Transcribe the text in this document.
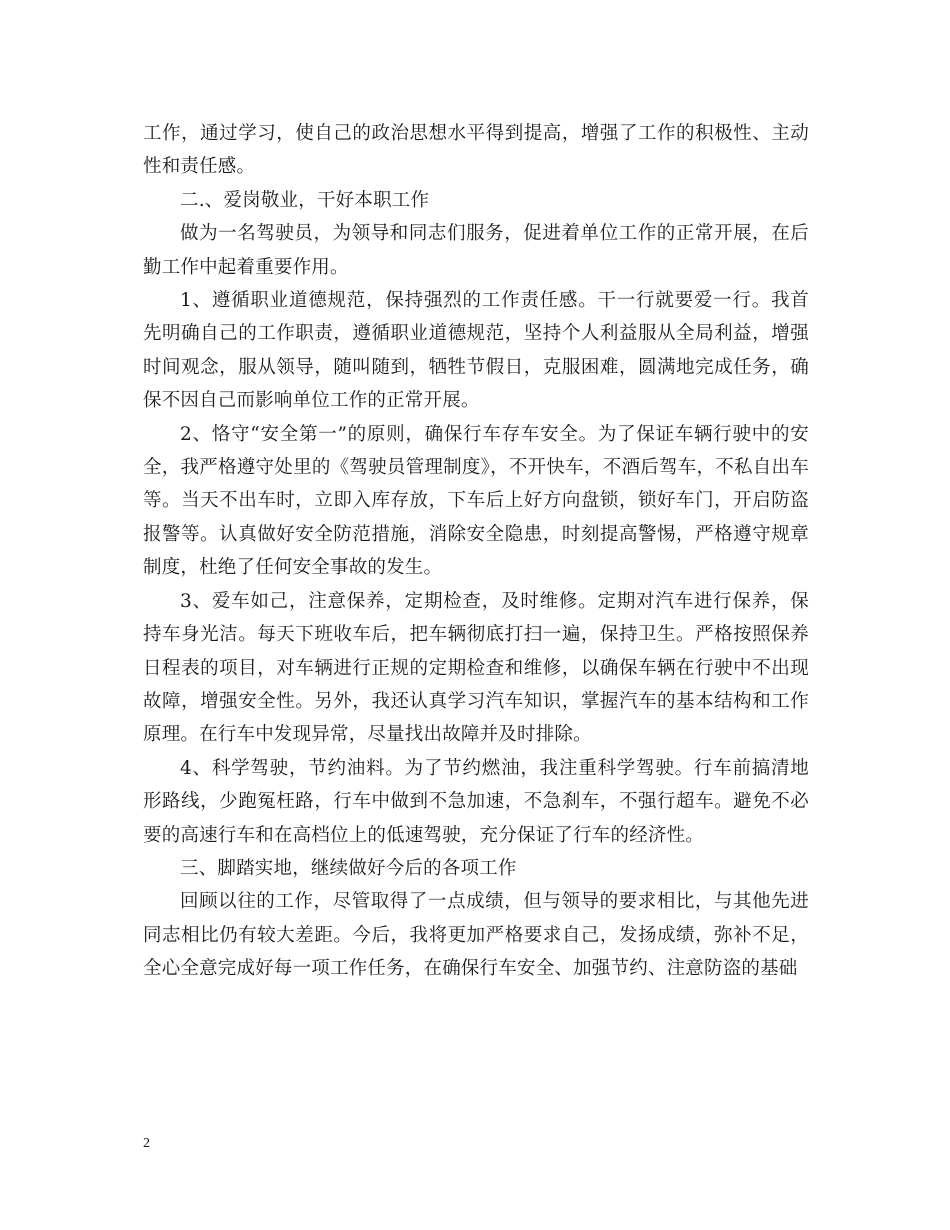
工作，通过学习，使自己的政治思想水平得到提高，增强了工作的积极性、主动性和责任感。

二.、爱岗敬业，干好本职工作

做为一名驾驶员，为领导和同志们服务，促进着单位工作的正常开展，在后勤工作中起着重要作用。

1、遵循职业道德规范，保持强烈的工作责任感。干一行就要爱一行。我首先明确自己的工作职责，遵循职业道德规范，坚持个人利益服从全局利益，增强时间观念，服从领导，随叫随到，牺牲节假日，克服困难，圆满地完成任务，确保不因自己而影响单位工作的正常开展。

2、恪守“安全第一”的原则，确保行车存车安全。为了保证车辆行驶中的安全，我严格遵守处里的《驾驶员管理制度》，不开快车，不酒后驾车，不私自出车等。当天不出车时，立即入库存放，下车后上好方向盘锁，锁好车门，开启防盗报警等。认真做好安全防范措施，消除安全隐患，时刻提高警惕，严格遵守规章制度，杜绝了任何安全事故的发生。

3、爱车如己，注意保养，定期检查，及时维修。定期对汽车进行保养，保持车身光洁。每天下班收车后，把车辆彻底打扫一遍，保持卫生。严格按照保养日程表的项目，对车辆进行正规的定期检查和维修，以确保车辆在行驶中不出现故障，增强安全性。另外，我还认真学习汽车知识，掌握汽车的基本结构和工作原理。在行车中发现异常，尽量找出故障并及时排除。

4、科学驾驶，节约油料。为了节约燃油，我注重科学驾驶。行车前搞清地形路线，少跑冤枉路，行车中做到不急加速，不急刹车，不强行超车。避免不必要的高速行车和在高档位上的低速驾驶，充分保证了行车的经济性。

三、脚踏实地，继续做好今后的各项工作

回顾以往的工作，尽管取得了一点成绩，但与领导的要求相比，与其他先进同志相比仍有较大差距。今后，我将更加严格要求自己，发扬成绩，弥补不足，全心全意完成好每一项工作任务，在确保行车安全、加强节约、注意防盗的基础

2
